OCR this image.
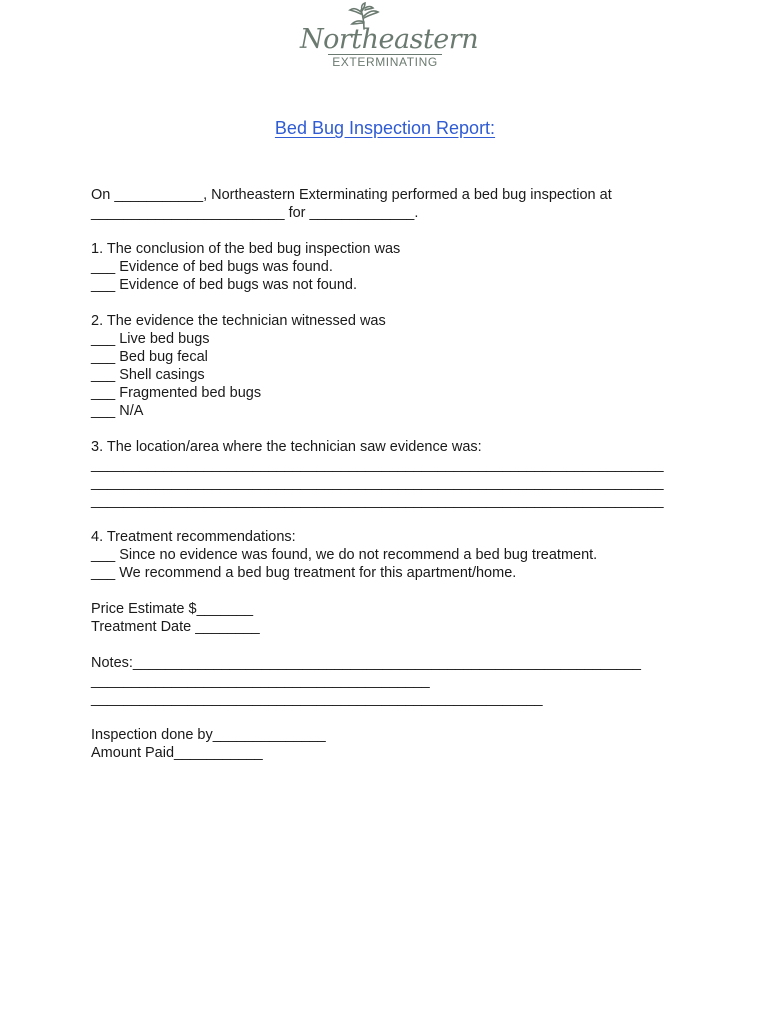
Northeastern
EXTERMINATING
Bed Bug Inspection Report:
On ___________, Northeastern Exterminating performed a bed bug inspection at
________________________ for _____________.
1. The conclusion of the bed bug inspection was
___ Evidence of bed bugs was found.
___ Evidence of bed bugs was not found.
2. The evidence the technician witnessed was
___ Live bed bugs
___ Bed bug fecal
___ Shell casings
___ Fragmented bed bugs
___ N/A
3. The location/area where the technician saw evidence was:
_______________________________________________________________________
_______________________________________________________________________
_______________________________________________________________________
4. Treatment recommendations:
___ Since no evidence was found, we do not recommend a bed bug treatment.
___ We recommend a bed bug treatment for this apartment/home.
Price Estimate $_______
Treatment Date ________
Notes:_______________________________________________________________
__________________________________________
________________________________________________________
Inspection done by______________
Amount Paid___________
